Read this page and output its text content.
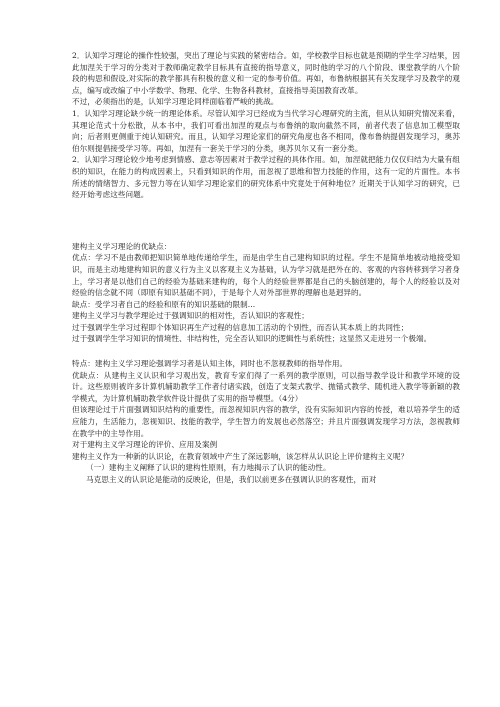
2．认知学习理论的操作性较强，突出了理论与实践的紧密结合。如，学校教学目标也就是预期的学生学习结果，因此加涅关于学习的分类对于教师确定教学目标具有直接的指导意义，同时他的学习的八个阶段、课堂教学的八个阶段的构思和假设,对实际的教学都具有积极的意义和一定的参考价值。再如，布鲁纳根据其有关发现学习及教学的观点，编写或改编了中小学数学、物理、化学、生物各科教材，直接指导美国教育改革。

不过，必须指出的是，认知学习理论同样面临着严峻的挑战。

1．认知学习理论缺少统一的理论体系。尽管认知学习已经成为当代学习心理研究的主流，但从认知研究情况来看，其理论范式十分松散，从本书中，我们可看出加涅的观点与布鲁纳的取向截然不同，前者代表了信息加工模型取向；后者则更侧重于纯认知研究。而且，认知学习理论家们的研究角度也各不相同，像布鲁纳提倡发现学习，奥苏伯尔则提倡接受学习等。再如，加涅有一套关于学习的分类，奥苏贝尔又有一套分类。

2．认知学习理论较少地考虑到情感、意志等因素对于教学过程的具体作用。如，加涅就把能力仅仅归结为大量有组织的知识，在能力的构成因素上，只看到知识的作用，而忽视了思维和智力技能的作用，这有一定的片面性。本书所述的情绪智力、多元智力等在认知学习理论家们的研究体系中究竟处于何种地位？近期关于认知学习的研究，已经开始考虑这些问题。

建构主义学习理论的优缺点：

优点：学习不是由教师把知识简单地传递给学生，而是由学生自己建构知识的过程。学生不是简单地被动地接受知识，而是主动地建构知识的意义行为主义以客观主义为基础，认为学习就是把外在的、客观的内容转移到学习者身上，学习者是以他们自己的经验为基础来建构的，每个人的经验世界都是自己的头脑创建的，每个人的经验以及对经验的信念就不同（即原有知识基础不同），于是每个人对外部世界的理解也是迥异的。

缺点：受学习者自己的经验和原有的知识基础的限制...

建构主义学习与教学理论过于强调知识的相对性，否认知识的客观性；

过于强调学生学习过程即个体知识再生产过程的信息加工活动的个别性，而否认其本质上的共同性；

过于强调学生学习知识的情境性、非结构性，完全否认知识的逻辑性与系统性；这显然又走进另一个极端。

特点：建构主义学习理论强调学习者是认知主体，同时也不忽视教师的指导作用。

优缺点：从建构主义认识和学习观出发，教育专家们得了一系列的教学原则，可以指导教学设计和教学环境的设计。这些原则被许多计算机辅助教学工作者付诸实践，创造了支架式教学、抛锚式教学、随机进入教学等新颖的教学模式，为计算机辅助教学软件设计提供了实用的指导模型。（4分）

但该理论过于片面强调知识结构的重要性，而忽视知识内容的教学，没有实际知识内容的传授，难以培养学生的适应能力，生活能力，忽视知识、技能的教学，学生智力的发展也必然落空；并且片面强调发现学习方法，忽视教师在教学中的主导作用。

对于建构主义学习理论的评价、应用及案例

建构主义作为一种新的认识论，在教育领域中产生了深远影响，该怎样从认识论上评价建构主义呢？

（一）建构主义阐释了认识的建构性原则，有力地揭示了认识的能动性。

马克思主义的认识论是能动的反映论，但是，我们以前更多在强调认识的客观性，而对
